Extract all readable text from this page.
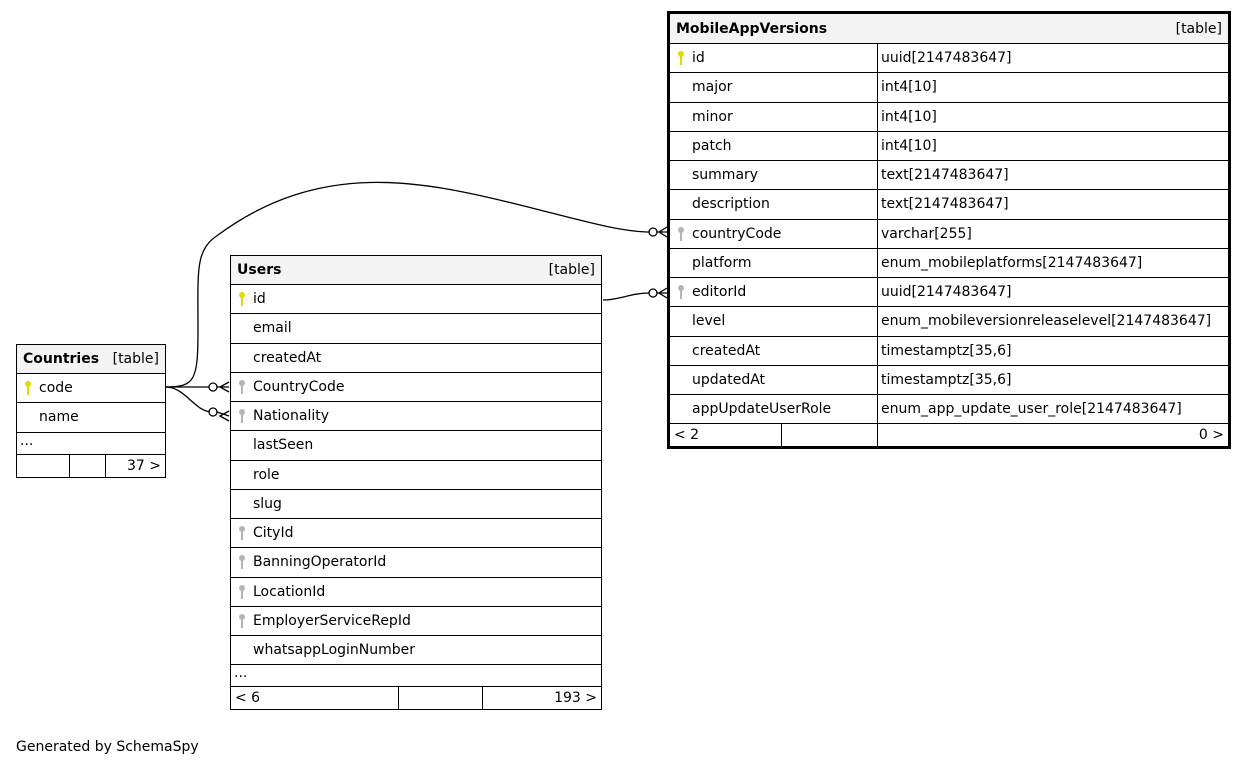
Countries [table]
code
name
...
37 >
Users	[table]
id
email
createdAt
CountryCode
Nationality
lastSeen
role
slug
CityId
BanningOperatorId
LocationId
EmployerServiceRepId
whatsappLoginNumber
...
< 6	193 >
MobileAppVersions	[table]
id	uuid[2147483647]
major	int4[10]
minor	int4[10]
patch	int4[10]
summary	text[2147483647]
description	text[2147483647]
countryCode	varchar[255]
platform	enum_mobileplatforms[2147483647]
editorId	uuid[2147483647]
level	enum_mobileversionreleaselevel[2147483647]
createdAt	timestamptz[35,6]
updatedAt	timestamptz[35,6]
appUpdateUserRole	enum_app_update_user_role[2147483647]
< 2	0 >
Generated by SchemaSpy
